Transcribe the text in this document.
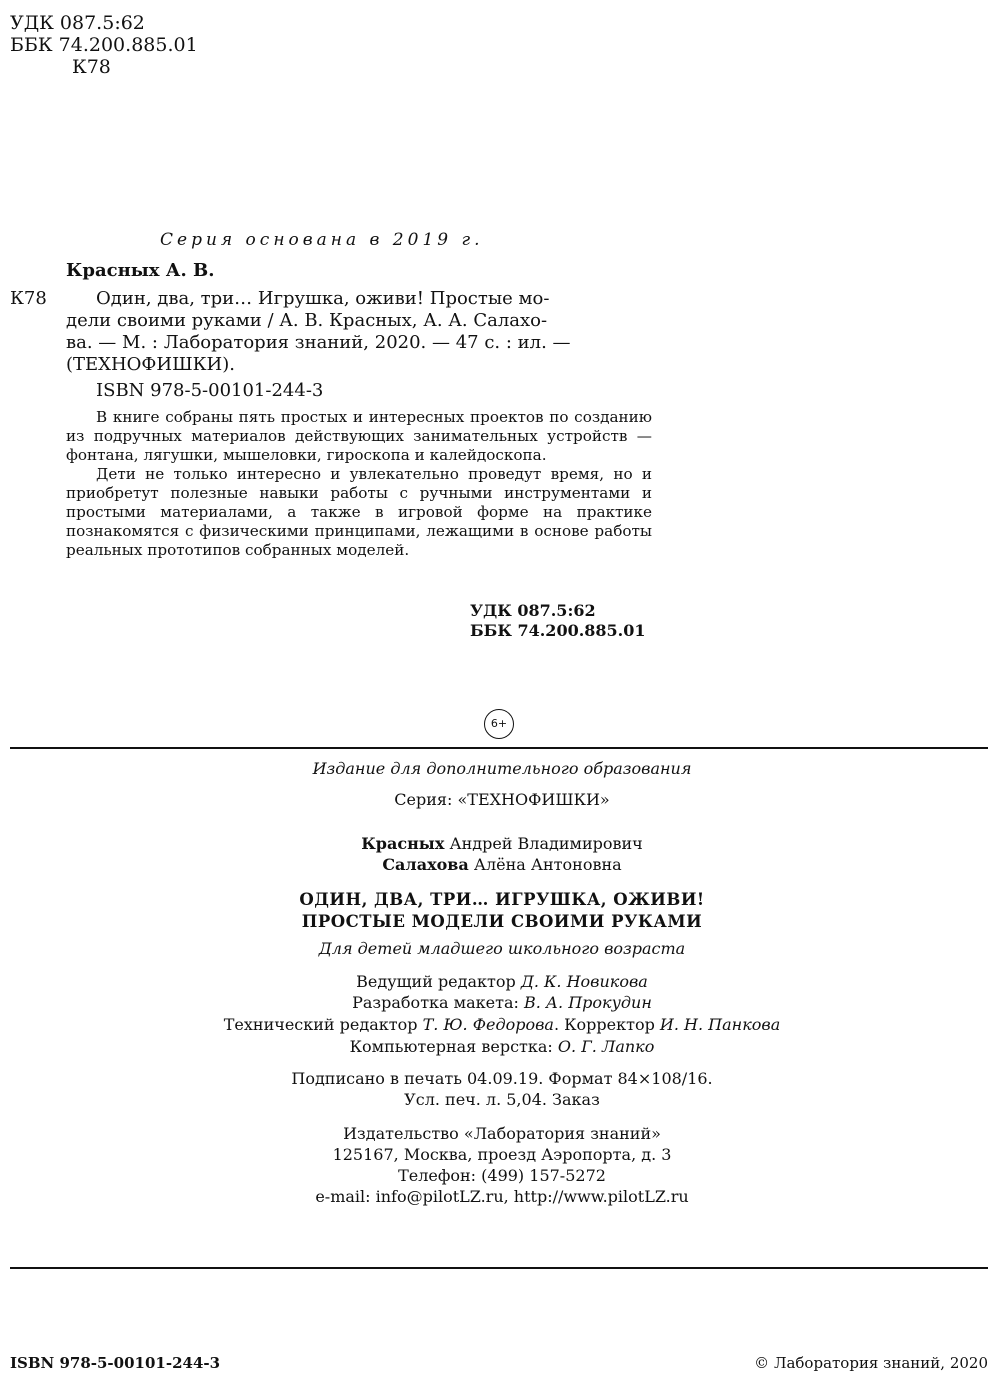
УДК 087.5:62
ББК 74.200.885.01
К78
Серия основана в 2019 г.
Красных А. В.
К78	Один, два, три… Игрушка, оживи! Простые мо-
дели своими руками / А. В. Красных, А. А. Салахо-
ва. — М. : Лаборатория знаний, 2020. — 47 с. : ил. —
(ТЕХНОФИШКИ).
ISBN 978-5-00101-244-3

В книге собраны пять простых и интересных проектов по созданию из подручных материалов действующих занимательных устройств — фонтана, лягушки, мышеловки, гироскопа и калейдоскопа.

Дети не только интересно и увлекательно проведут время, но и приобретут полезные навыки работы с ручными инструментами и простыми материалами, а также в игровой форме на практике познакомятся с физическими принципами, лежащими в основе работы реальных прототипов собранных моделей.

УДК 087.5:62
ББК 74.200.885.01
6+
Издание для дополнительного образования
Серия: «ТЕХНОФИШКИ»
Красных Андрей Владимирович
Салахова Алёна Антоновна
ОДИН, ДВА, ТРИ… ИГРУШКА, ОЖИВИ!
ПРОСТЫЕ МОДЕЛИ СВОИМИ РУКАМИ
Для детей младшего школьного возраста
Ведущий редактор Д. К. Новикова
Разработка макета: В. А. Прокудин
Технический редактор Т. Ю. Федорова. Корректор И. Н. Панкова
Компьютерная верстка: О. Г. Лапко
Подписано в печать 04.09.19. Формат 84×108/16.
Усл. печ. л. 5,04. Заказ
Издательство «Лаборатория знаний»
125167, Москва, проезд Аэропорта, д. 3
Телефон: (499) 157-5272
e-mail: info@pilotLZ.ru, http://www.pilotLZ.ru
ISBN 978-5-00101-244-3	© Лаборатория знаний, 2020
